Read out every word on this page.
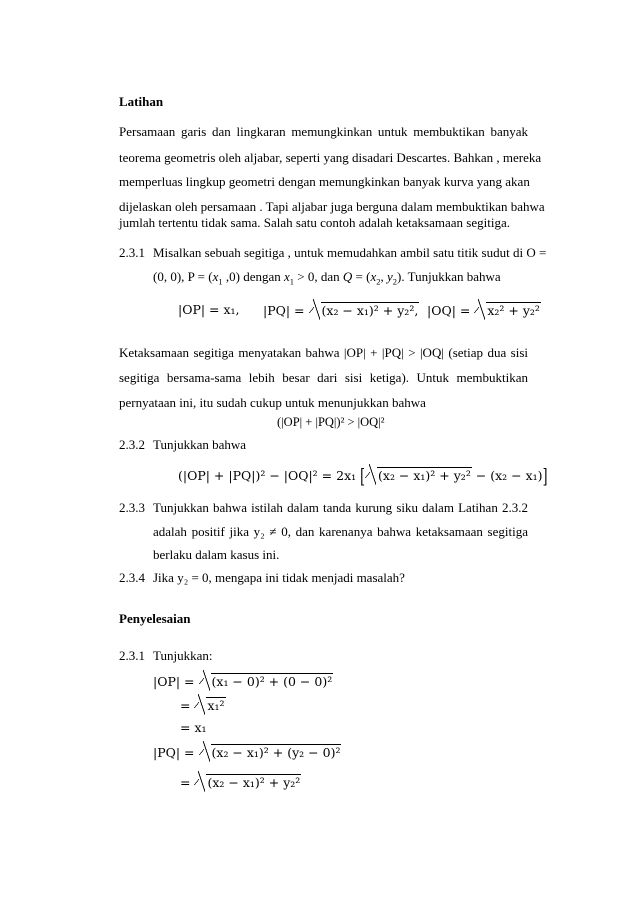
Latihan
Persamaan garis dan lingkaran memungkinkan untuk membuktikan banyak
teorema geometris oleh aljabar, seperti yang disadari Descartes. Bahkan , mereka
memperluas lingkup geometri dengan memungkinkan banyak kurva yang akan
dijelaskan oleh persamaan . Tapi aljabar juga berguna dalam membuktikan bahwa
jumlah tertentu tidak sama. Salah satu contoh adalah ketaksamaan segitiga.
2.3.1 Misalkan sebuah segitiga , untuk memudahkan ambil satu titik sudut di O =
(0, 0), $P = (x_1$ ,0) dengan $x_1 > 0$, dan $Q = (x_2$, $y_2$). Tunjukkan bahwa
|OP| = x₁, |PQ| = (x₂ − x₁)² + y₂², |OQ| = x₂² + y₂²
Ketaksamaan segitiga menyatakan bahwa |OP| + |PQ| > |OQ| (setiap dua sisi
segitiga bersama-sama lebih besar dari sisi ketiga). Untuk membuktikan
pernyataan ini, itu sudah cukup untuk menunjukkan bahwa
(|OP| + |PQ|)² > |OQ|²
2.3.2 Tunjukkan bahwa
(|OP| + |PQ|)² − |OQ|² = 2x₁ [ (x₂ − x₁)² + y₂² − (x₂ − x₁)]
2.3.3 Tunjukkan bahwa istilah dalam tanda kurung siku dalam Latihan 2.3.2
adalah positif jika y₂ ≠ 0, dan karenanya bahwa ketaksamaan segitiga
berlaku dalam kasus ini.
2.3.4 Jika y₂ = 0, mengapa ini tidak menjadi masalah?
Penyelesaian
2.3.1 Tunjukkan:
|OP| = (x₁ − 0)² + (0 − 0)²
= x₁²
= x₁
|PQ| = (x₂ − x₁)² + (y₂ − 0)²
= (x₂ − x₁)² + y₂²
